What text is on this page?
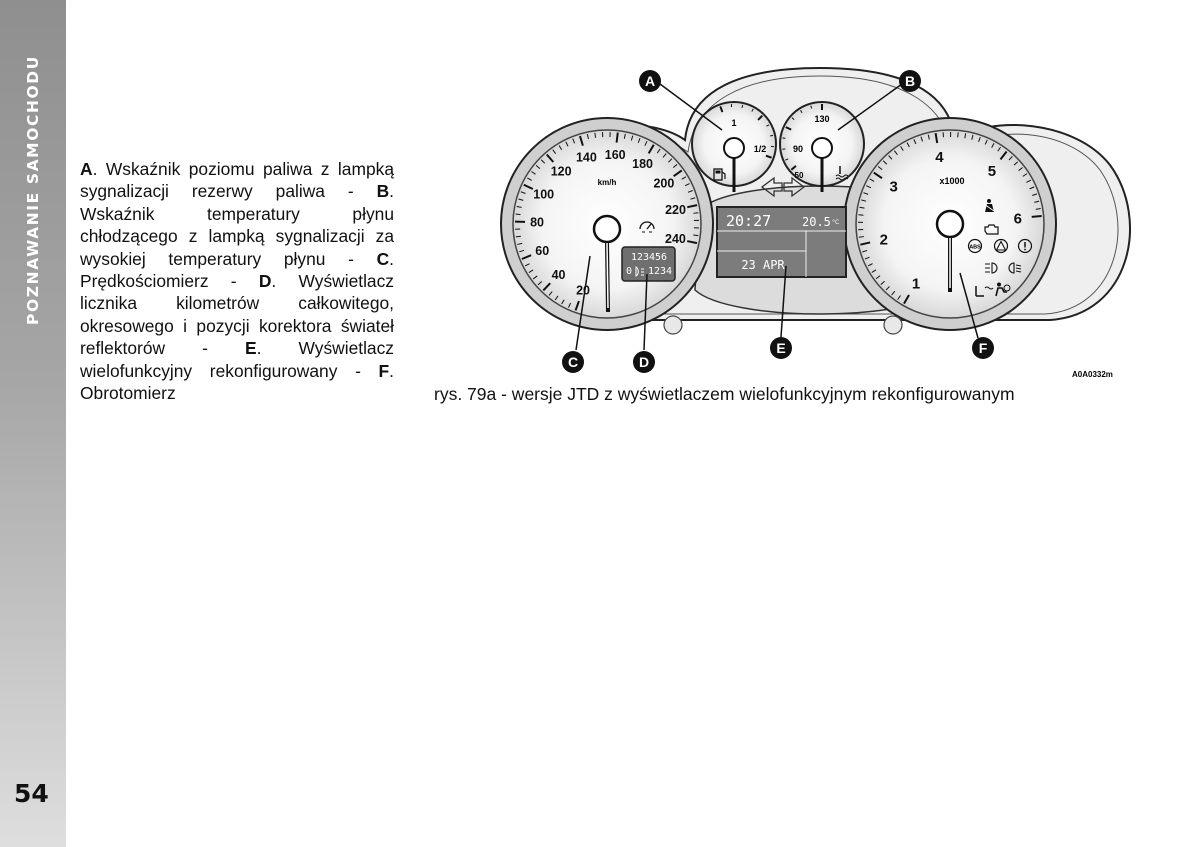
POZNAWANIE SAMOCHODU
54
A. Wskaźnik poziomu paliwa z lampką sygnalizacji rezerwy paliwa - B. Wskaźnik temperatury płynu chłodzącego z lampką sygnalizacji za wysokiej temperatury płynu - C. Prędkościomierz - D. Wyświetlacz licznika kilometrów całkowitego, okresowego i pozycji korektora świateł reflektorów - E. Wyświetlacz wielofunkcyjny rekonfigurowany - F. Obrotomierz
20
40
60
80
100
120
140 160
180
200
220
240
km/h
1
2
3
4
5
6
x1000
1
1/2
130
90
50
123456
0 1234
20:27	20.5 °C
23 APR
ABS
A	B
C	D
E	F
A0A0332m
rys. 79a - wersje JTD z wyświetlaczem wielofunkcyjnym rekonfigurowanym
